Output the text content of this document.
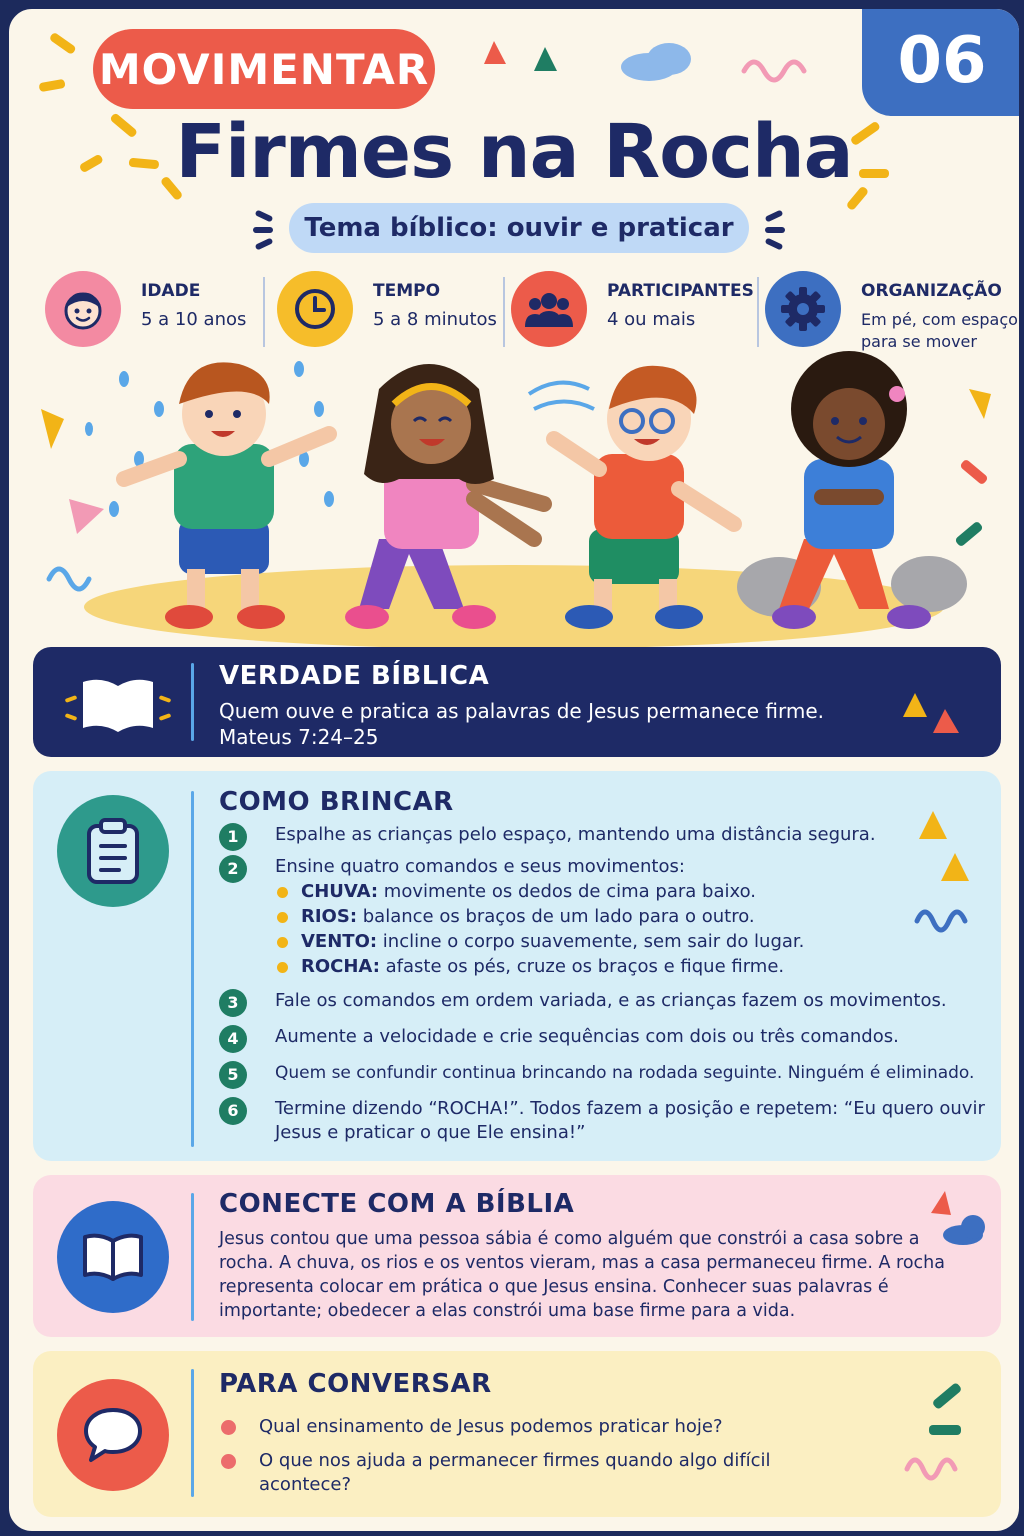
MOVIMENTAR	06
Firmes na Rocha
Tema bíblico: ouvir e praticar
IDADE
5 a 10 anos
TEMPO
5 a 8 minutos
PARTICIPANTES
4 ou mais
ORGANIZAÇÃO
Em pé, com espaço para se mover
VERDADE BÍBLICA
Quem ouve e pratica as palavras de Jesus permanece firme.
Mateus 7:24–25
COMO BRINCAR
1	Espalhe as crianças pelo espaço, mantendo uma distância segura.
2	Ensine quatro comandos e seus movimentos:
CHUVA: movimente os dedos de cima para baixo.
RIOS: balance os braços de um lado para o outro.
VENTO: incline o corpo suavemente, sem sair do lugar.
ROCHA: afaste os pés, cruze os braços e fique firme.
3	Fale os comandos em ordem variada, e as crianças fazem os movimentos.
4	Aumente a velocidade e crie sequências com dois ou três comandos.
5	Quem se confundir continua brincando na rodada seguinte. Ninguém é eliminado.
6	Termine dizendo “ROCHA!”. Todos fazem a posição e repetem: “Eu quero ouvir Jesus e praticar o que Ele ensina!”
CONECTE COM A BÍBLIA
Jesus contou que uma pessoa sábia é como alguém que constrói a casa sobre a rocha. A chuva, os rios e os ventos vieram, mas a casa permaneceu firme. A rocha representa colocar em prática o que Jesus ensina. Conhecer suas palavras é importante; obedecer a elas constrói uma base firme para a vida.
PARA CONVERSAR
Qual ensinamento de Jesus podemos praticar hoje?
O que nos ajuda a permanecer firmes quando algo difícil acontece?
